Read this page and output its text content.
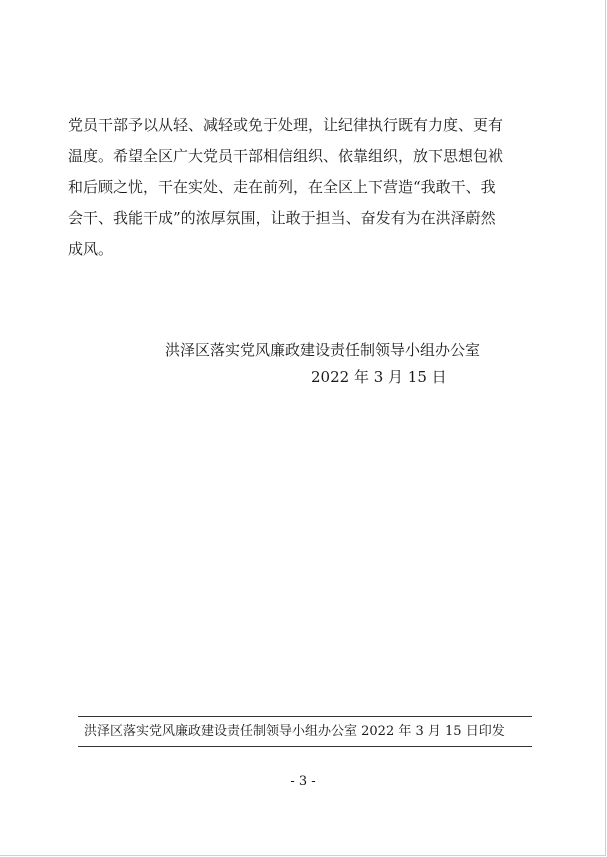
党员干部予以从轻、减轻或免于处理，让纪律执行既有力度、更有
温度。希望全区广大党员干部相信组织、依靠组织，放下思想包袱
和后顾之忧，干在实处、走在前列，在全区上下营造“我敢干、我
会干、我能干成”的浓厚氛围，让敢于担当、奋发有为在洪泽蔚然
成风。

洪泽区落实党风廉政建设责任制领导小组办公室
2022 年 3 月 15 日
洪泽区落实党风廉政建设责任制领导小组办公室 2022 年 3 月 15 日印发
- 3 -
